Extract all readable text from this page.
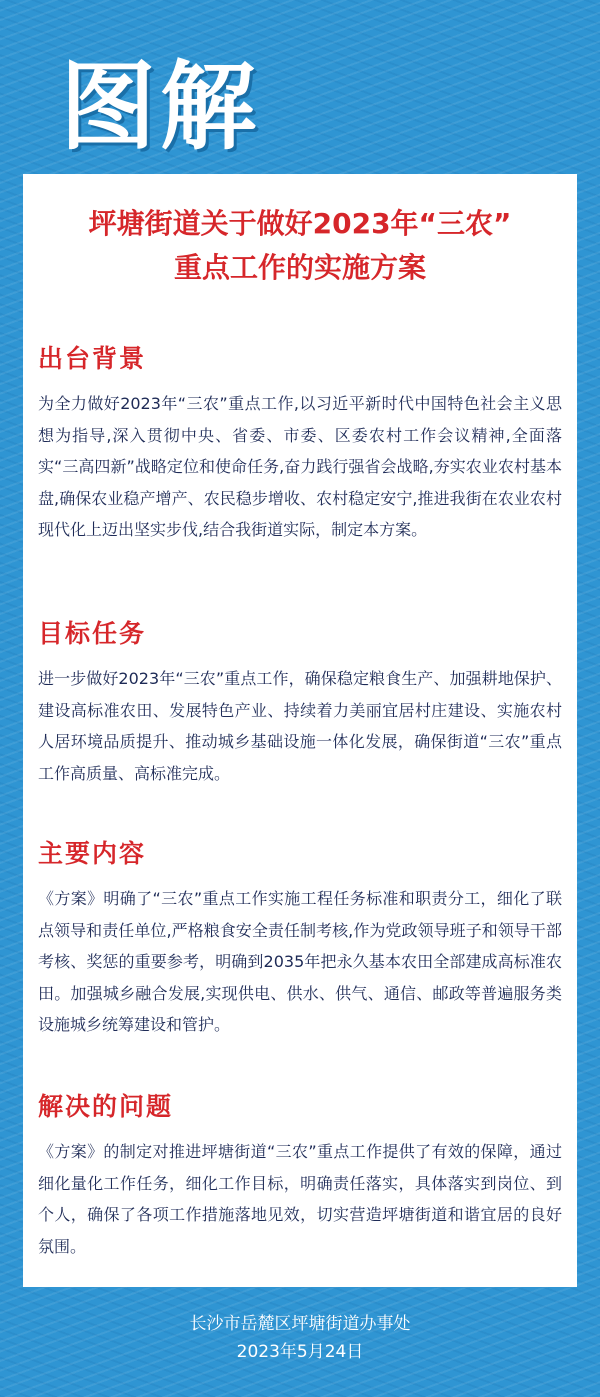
图解
坪塘街道关于做好2023年“三农”
重点工作的实施方案
出台背景

为全力做好2023年“三农”重点工作,以习近平新时代中国特色社会主义思想为指导,深入贯彻中央、省委、市委、区委农村工作会议精神,全面落实“三高四新”战略定位和使命任务,奋力践行强省会战略,夯实农业农村基本盘,确保农业稳产增产、农民稳步增收、农村稳定安宁,推进我街在农业农村现代化上迈出坚实步伐,结合我街道实际，制定本方案。

目标任务

进一步做好2023年“三农”重点工作，确保稳定粮食生产、加强耕地保护、建设高标准农田、发展特色产业、持续着力美丽宜居村庄建设、实施农村人居环境品质提升、推动城乡基础设施一体化发展，确保街道“三农”重点工作高质量、高标准完成。

主要内容

《方案》明确了“三农”重点工作实施工程任务标准和职责分工，细化了联点领导和责任单位,严格粮食安全责任制考核,作为党政领导班子和领导干部考核、奖惩的重要参考，明确到2035年把永久基本农田全部建成高标准农田。加强城乡融合发展,实现供电、供水、供气、通信、邮政等普遍服务类设施城乡统筹建设和管护。

解决的问题

《方案》的制定对推进坪塘街道“三农”重点工作提供了有效的保障，通过细化量化工作任务，细化工作目标，明确责任落实，具体落实到岗位、到个人，确保了各项工作措施落地见效，切实营造坪塘街道和谐宜居的良好氛围。

长沙市岳麓区坪塘街道办事处
2023年5月24日
